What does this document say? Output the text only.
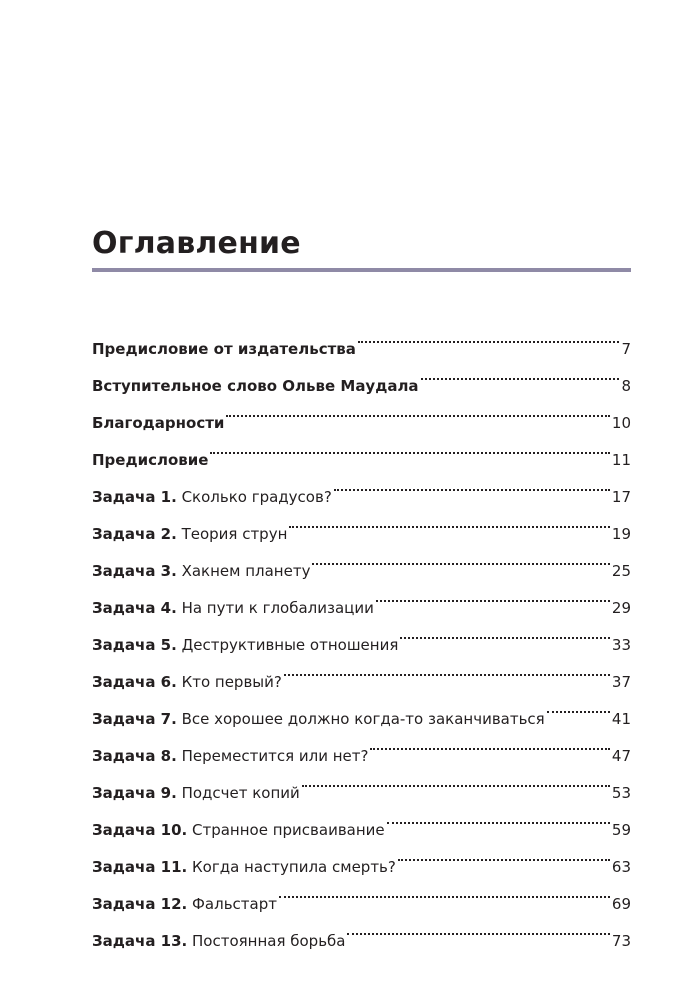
Оглавление
Предисловие от издательства	7
Вступительное слово Ольве Маудала	8
Благодарности	10
Предисловие	11
Задача 1. Сколько градусов?	17
Задача 2. Теория струн	19
Задача 3. Хакнем планету	25
Задача 4. На пути к глобализации	29
Задача 5. Деструктивные отношения	33
Задача 6. Кто первый?	37
Задача 7. Все хорошее должно когда-то заканчиваться	41
Задача 8. Переместится или нет?	47
Задача 9. Подсчет копий	53
Задача 10. Странное присваивание	59
Задача 11. Когда наступила смерть?	63
Задача 12. Фальстарт	69
Задача 13. Постоянная борьба	73
